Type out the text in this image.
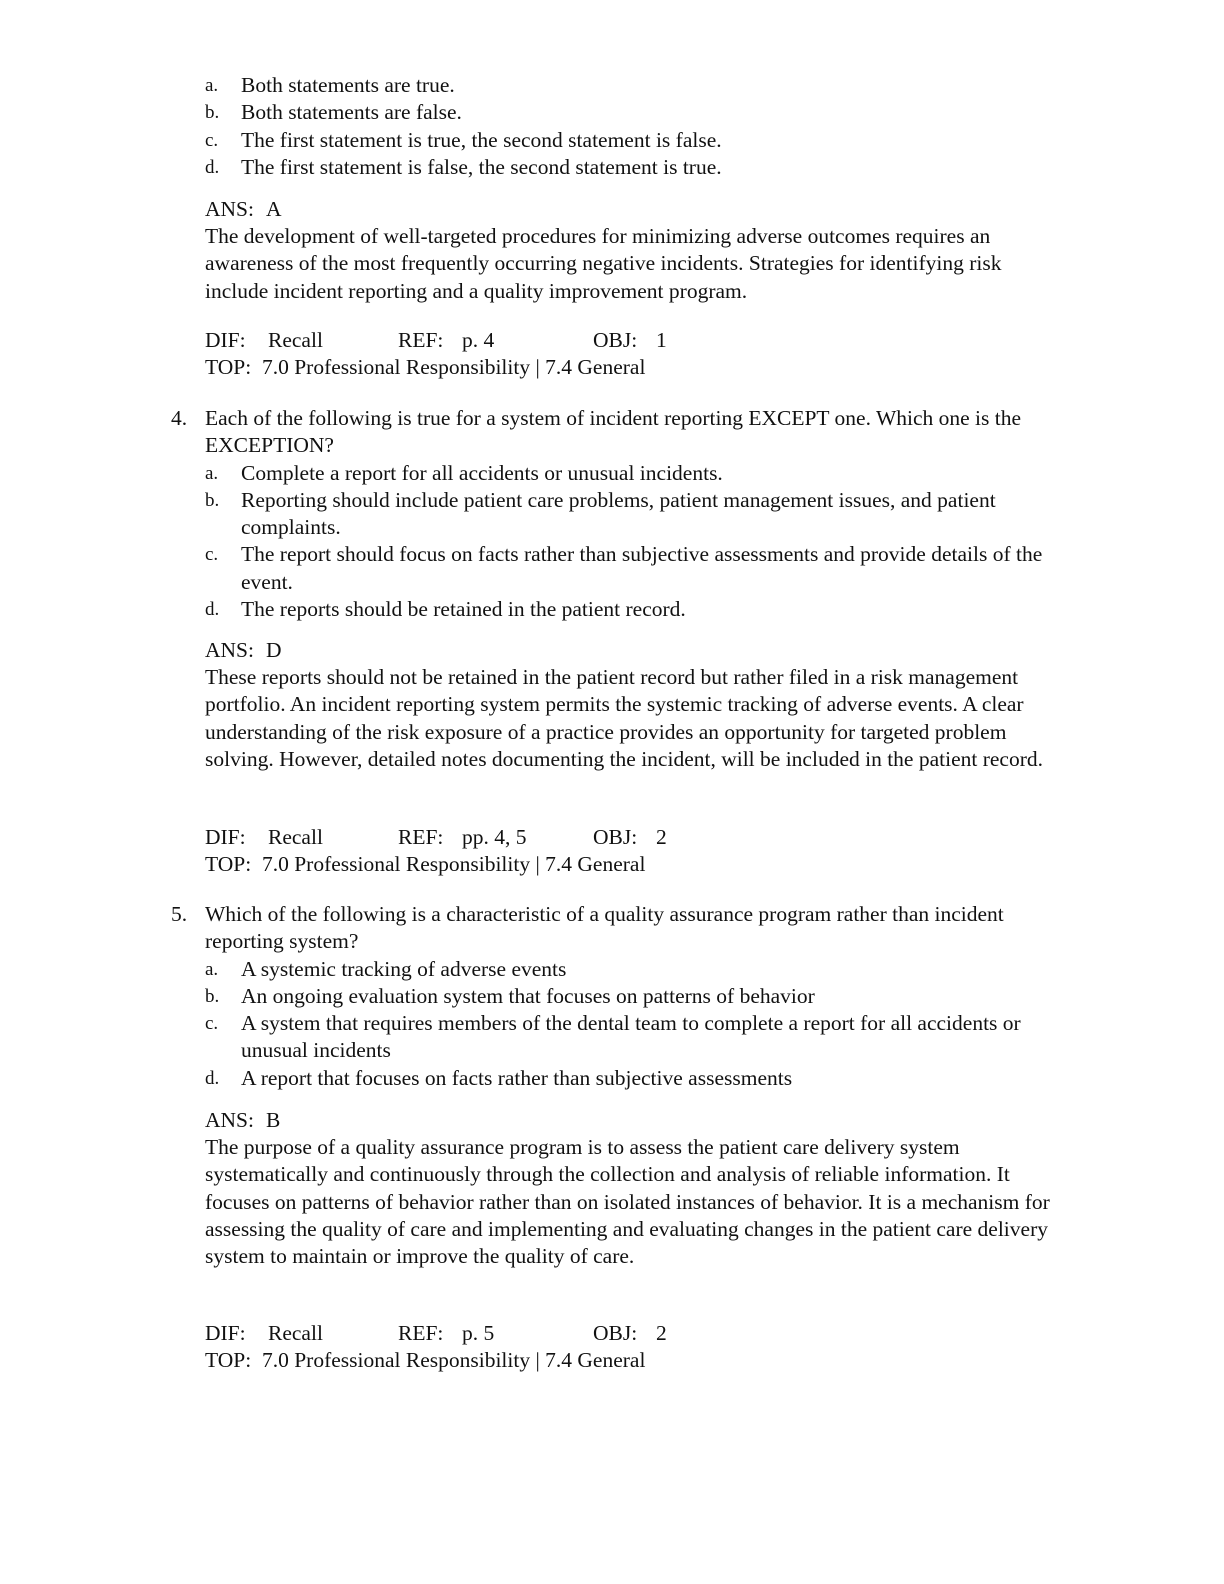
a. Both statements are true.
b. Both statements are false.
c. The first statement is true, the second statement is false.
d. The first statement is false, the second statement is true.
ANS: A
The development of well-targeted procedures for minimizing adverse outcomes requires an awareness of the most frequently occurring negative incidents. Strategies for identifying risk include incident reporting and a quality improvement program.
DIF: Recall	REF: p. 4	OBJ: 1
TOP: 7.0 Professional Responsibility | 7.4 General
4. Each of the following is true for a system of incident reporting EXCEPT one. Which one is the EXCEPTION?
a. Complete a report for all accidents or unusual incidents.
b. Reporting should include patient care problems, patient management issues, and patient complaints.
c. The report should focus on facts rather than subjective assessments and provide details of the event.
d. The reports should be retained in the patient record.
ANS: D
These reports should not be retained in the patient record but rather filed in a risk management portfolio. An incident reporting system permits the systemic tracking of adverse events. A clear understanding of the risk exposure of a practice provides an opportunity for targeted problem solving. However, detailed notes documenting the incident, will be included in the patient record.
DIF: Recall	REF: pp. 4, 5	OBJ: 2
TOP: 7.0 Professional Responsibility | 7.4 General
5. Which of the following is a characteristic of a quality assurance program rather than incident reporting system?
a. A systemic tracking of adverse events
b. An ongoing evaluation system that focuses on patterns of behavior
c. A system that requires members of the dental team to complete a report for all accidents or unusual incidents
d. A report that focuses on facts rather than subjective assessments
ANS: B
The purpose of a quality assurance program is to assess the patient care delivery system systematically and continuously through the collection and analysis of reliable information. It focuses on patterns of behavior rather than on isolated instances of behavior. It is a mechanism for assessing the quality of care and implementing and evaluating changes in the patient care delivery system to maintain or improve the quality of care.
DIF: Recall	REF: p. 5	OBJ: 2
TOP: 7.0 Professional Responsibility | 7.4 General
